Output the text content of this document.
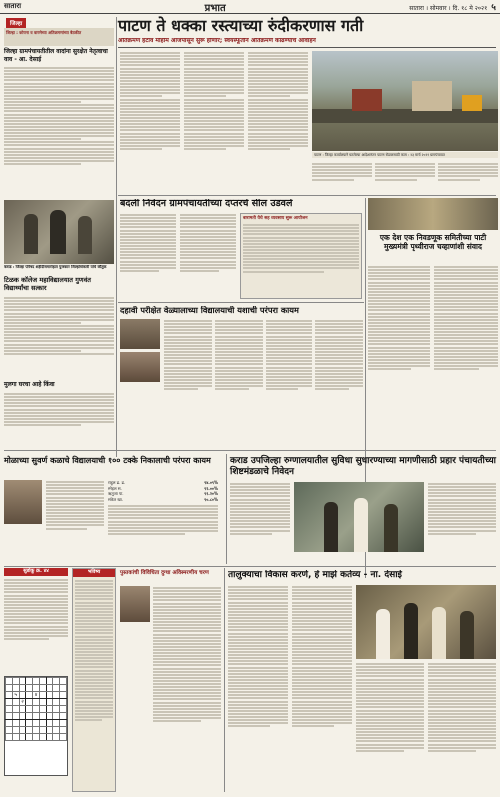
सातारा	प्रभात	सातारा । सोमवार । दि. १८ मे २०२१ ५
जिल्हा	पाटण ते धक्का रस्त्याच्या रुंदीकरणास गती
अतिक्रमण हटाव मोहीम आजपासून सुरू होणार; स्वयंस्फूर्तीने अतिक्रमणे काढण्याचे आवाहन
जिल्हा : कोयना व वारणेच्या अतिक्रमणांच्या बैठकीत
जिल्हा ग्रामपंचायतीतील वादांना सुरक्षेत नेतृत्वाचा वाव - आ. देसाई
कराड : जिल्हा परिषद शहीदीसमारोहात पुरस्कार जिल्हाधिकारी यांचे कौतुक
टिळक कॉलेज महाविद्यालयात गुणवंत विद्यार्थ्यांचा सत्कार
मुलगा घरचा आहे किंवा
पाटण : जिल्हा कार्यालयाने घटलेल्या आदेशानंतर पाटण रोडवरसाठी काम : २३ मार्च २०२१ ग्रामपंचायत
बदली निवेदन ग्रामपंचायतीच्या दप्तरचे सील उडवले
बारामती येथे सह व्यवसाय सुरू आयोजन
एक देश एक निवडणूक समितीच्या पाटी मुख्यमंत्री पृथ्वीराज चव्हाणांशी संवाद
दहावी परीक्षेत वेळ्यालाच्या विद्यालयाची यशाची परंपरा कायम
मोळाच्या सुवर्ण कळाचे विद्यालयाची १०० टक्के निकालाची परंपरा कायम
राहुल ढ. ढ.	९४.०९%
स्नेहल स.	९२.००%
ऋतुजा पा.	९१.२०%
संकेत खा.	९०.८०%
कराड उपजिल्हा रुग्णालयातील सुविधा सुधारण्याच्या मागणीसाठी प्रहार पंचायतीच्या शिष्टमंडळाचे निवेदन
पुस्तकांची विविधिता दुग्धा अविस्मरणीय चरण
भविष्य
सुडोकू क्र. ४४

	५			४				
		२						

तालुक्याचा विकास करणे, हे माझे कर्तव्य - ना. देसाई
